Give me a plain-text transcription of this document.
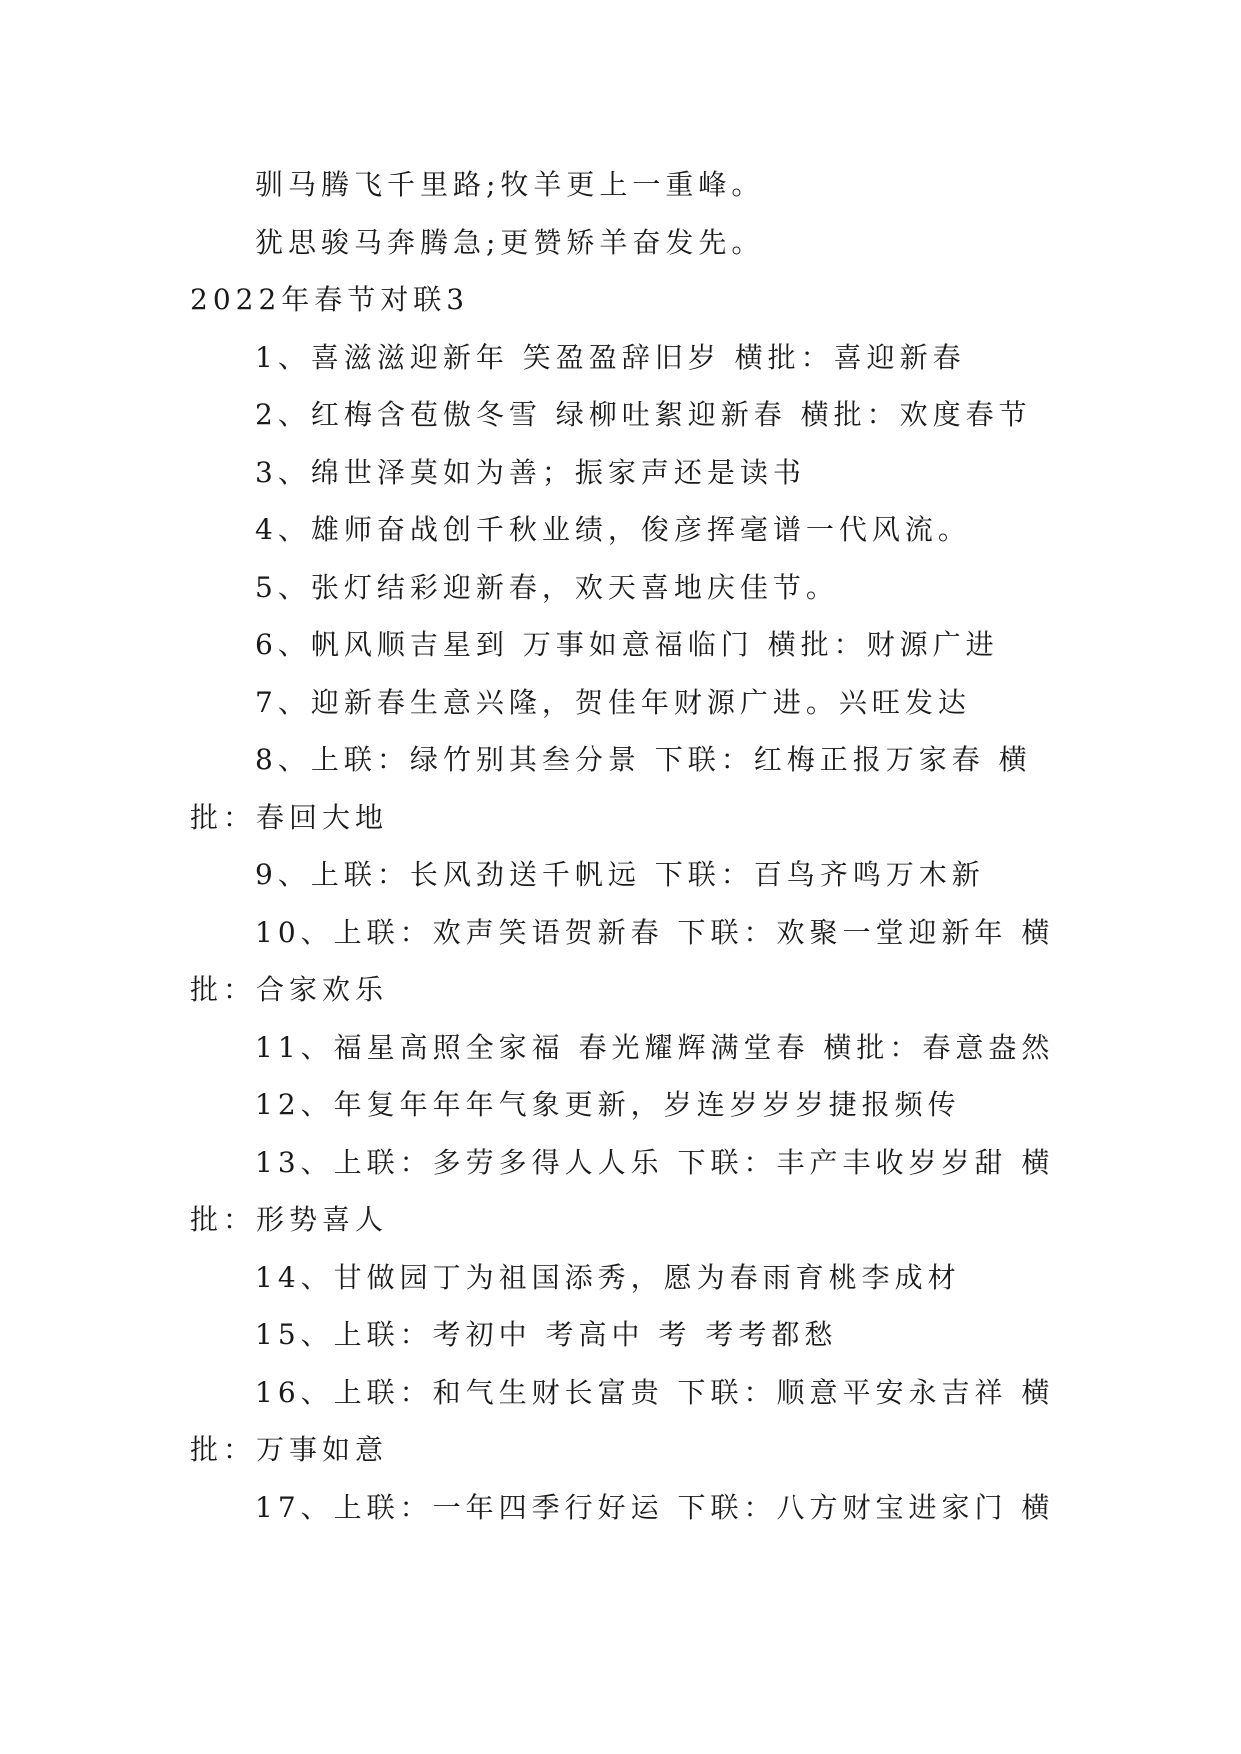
驯马腾飞千里路;牧羊更上一重峰。
犹思骏马奔腾急;更赞矫羊奋发先。
2022年春节对联3
1、喜滋滋迎新年 笑盈盈辞旧岁 横批：喜迎新春
2、红梅含苞傲冬雪 绿柳吐絮迎新春 横批：欢度春节
3、绵世泽莫如为善；振家声还是读书
4、雄师奋战创千秋业绩，俊彦挥毫谱一代风流。
5、张灯结彩迎新春，欢天喜地庆佳节。
6、帆风顺吉星到 万事如意福临门 横批：财源广进
7、迎新春生意兴隆，贺佳年财源广进。兴旺发达
8、上联：绿竹别其叁分景 下联：红梅正报万家春 横
批：春回大地
9、上联：长风劲送千帆远 下联：百鸟齐鸣万木新
10、上联：欢声笑语贺新春 下联：欢聚一堂迎新年 横
批：合家欢乐
11、福星高照全家福 春光耀辉满堂春 横批：春意盎然
12、年复年年年气象更新，岁连岁岁岁捷报频传
13、上联：多劳多得人人乐 下联：丰产丰收岁岁甜 横
批：形势喜人
14、甘做园丁为祖国添秀，愿为春雨育桃李成材
15、上联：考初中 考高中 考 考考都愁
16、上联：和气生财长富贵 下联：顺意平安永吉祥 横
批：万事如意
17、上联：一年四季行好运 下联：八方财宝进家门 横
